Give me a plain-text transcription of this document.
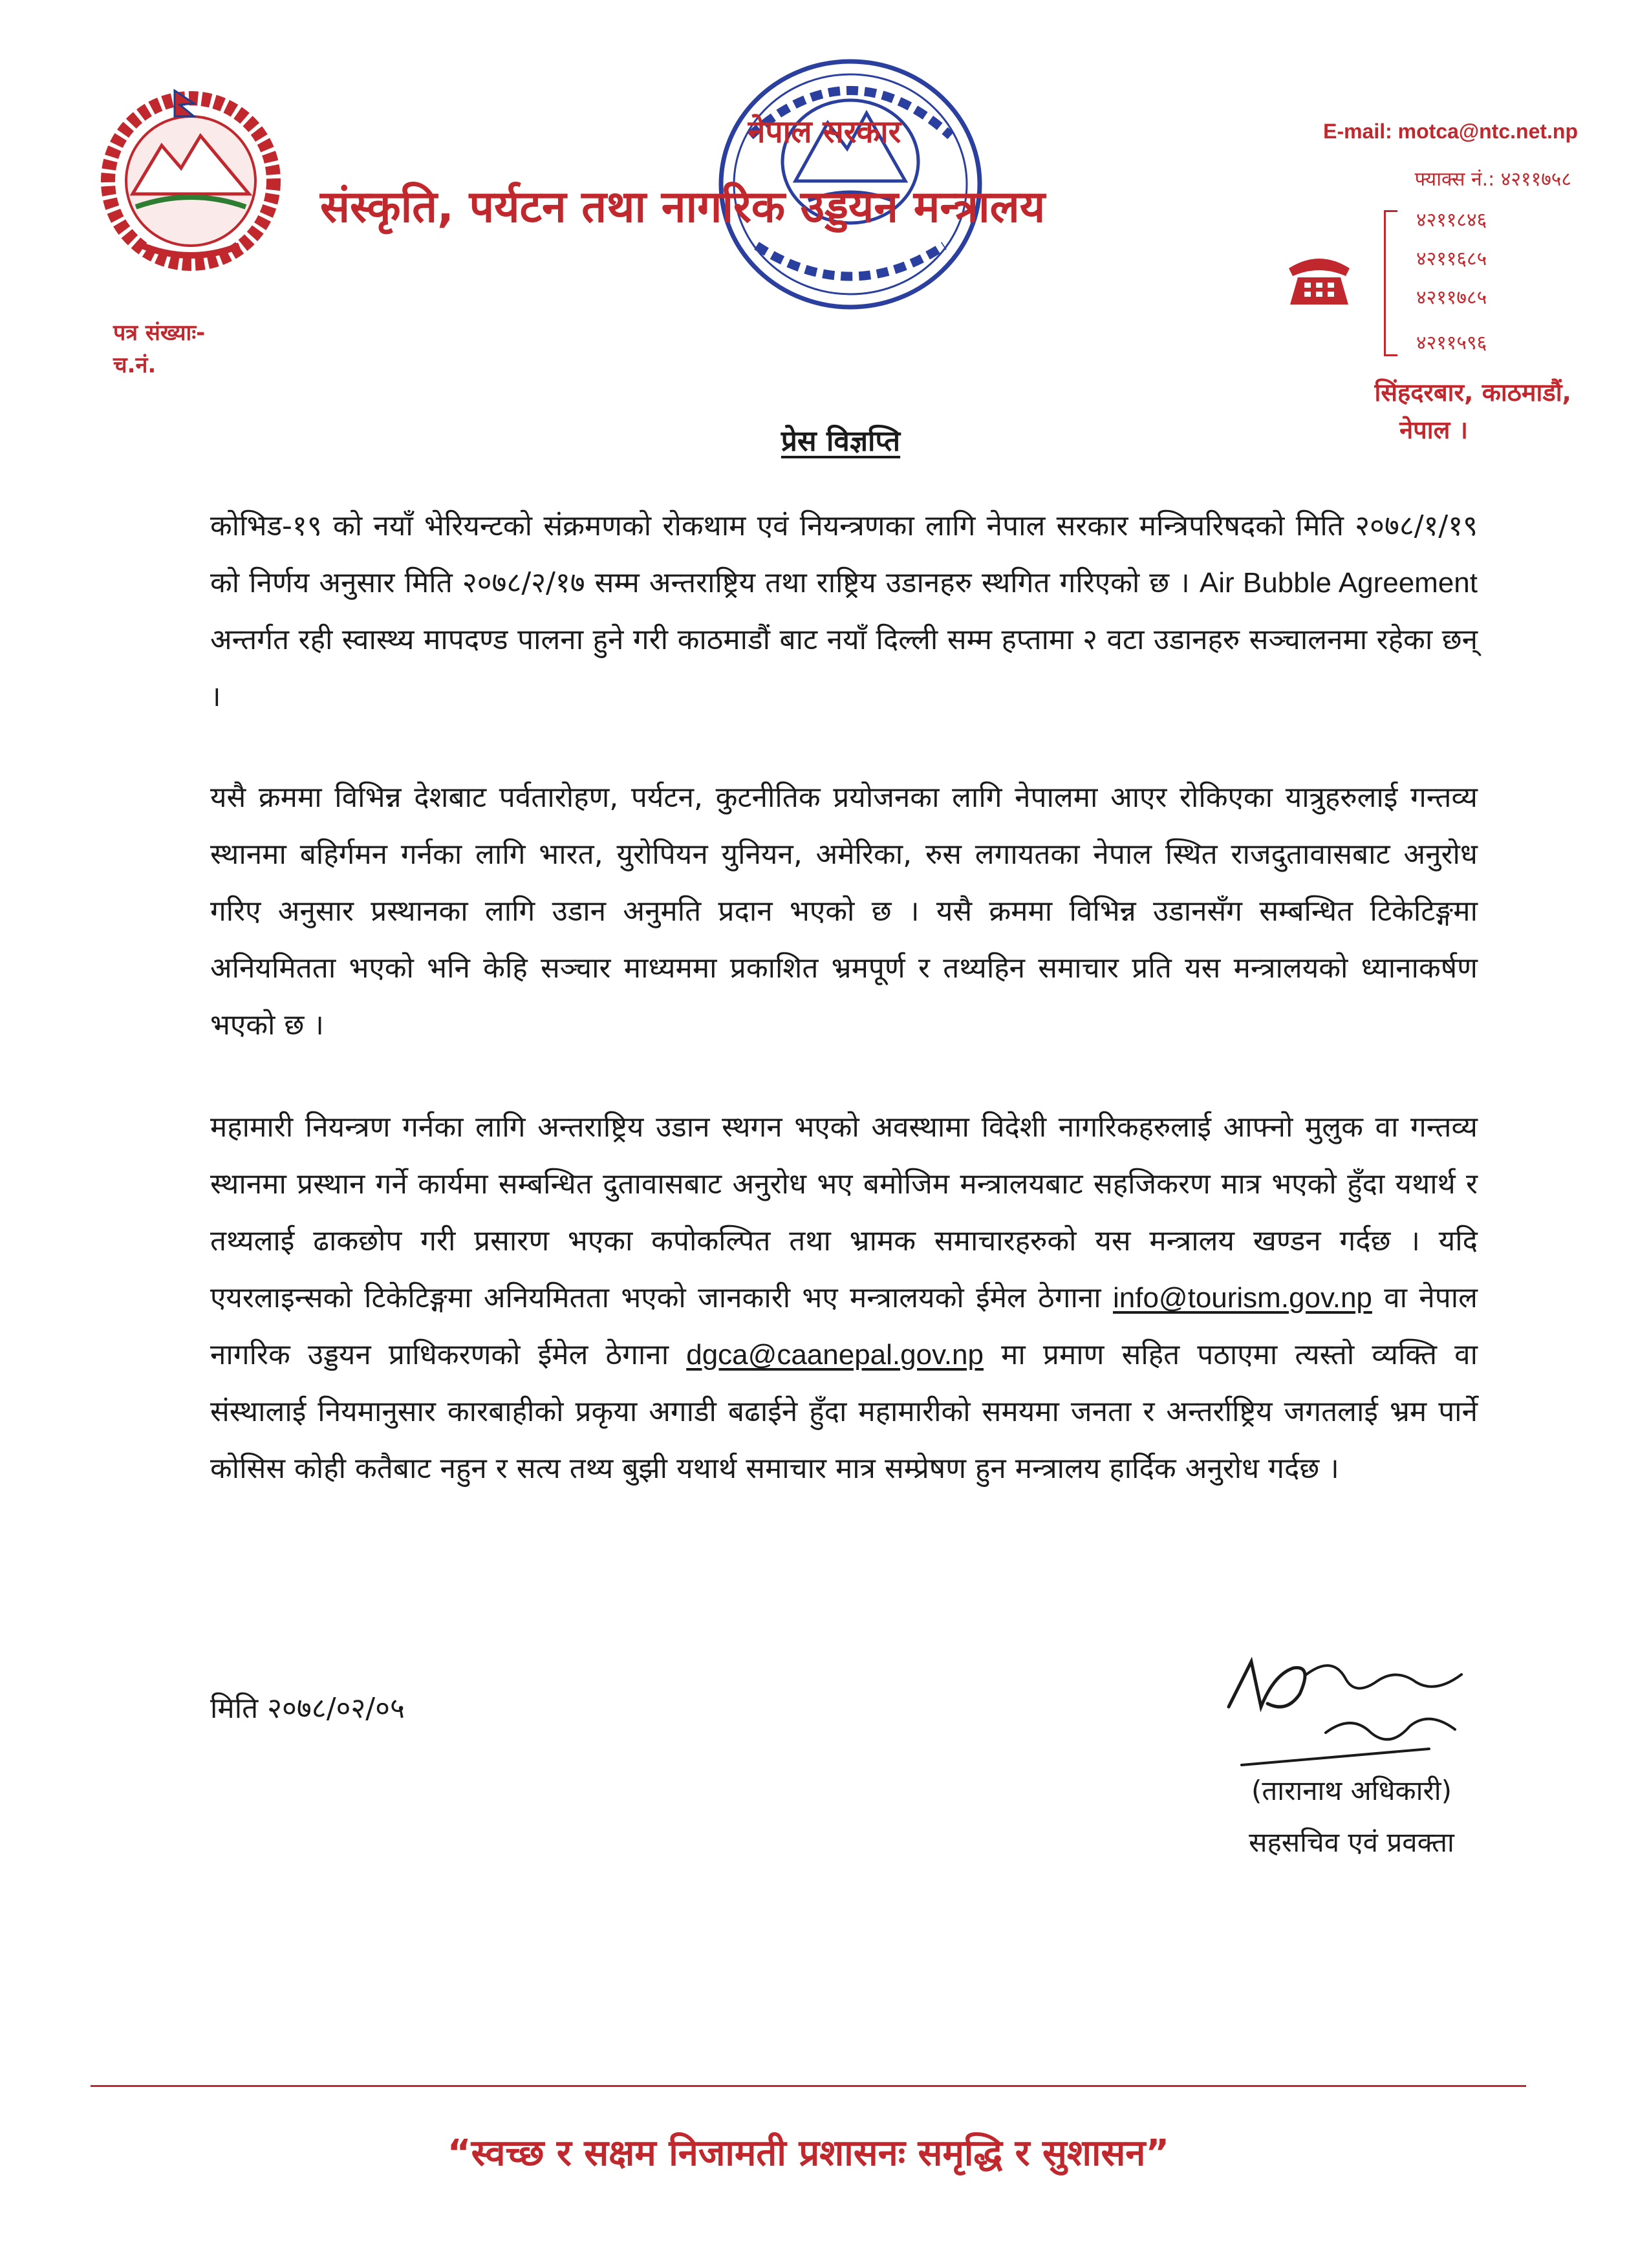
नेपाल सरकार
संस्कृति, पर्यटन तथा नागरिक उड्डयन मन्त्रालय
पत्र संख्याः-
च.नं.
E-mail: motca@ntc.net.np
फ्याक्स नं.: ४२११७५८
४२११८४६
४२११६८५
४२११७८५
४२११५९६
सिंहदरबार, काठमाडौं,
नेपाल ।
प्रेस विज्ञप्ति
कोभिड-१९ को नयाँ भेरियन्टको संक्रमणको रोकथाम एवं नियन्त्रणका लागि नेपाल सरकार मन्त्रिपरिषदको मिति २०७८/१/१९ को निर्णय अनुसार मिति २०७८/२/१७ सम्म अन्तराष्ट्रिय तथा राष्ट्रिय उडानहरु स्थगित गरिएको छ । Air Bubble Agreement अन्तर्गत रही स्वास्थ्य मापदण्ड पालना हुने गरी काठमाडौं बाट नयाँ दिल्ली सम्म हप्तामा २ वटा उडानहरु सञ्चालनमा रहेका छन् ।
यसै क्रममा विभिन्न देशबाट पर्वतारोहण, पर्यटन, कुटनीतिक प्रयोजनका लागि नेपालमा आएर रोकिएका यात्रुहरुलाई गन्तव्य स्थानमा बहिर्गमन गर्नका लागि भारत, युरोपियन युनियन, अमेरिका, रुस लगायतका नेपाल स्थित राजदुतावासबाट अनुरोध गरिए अनुसार प्रस्थानका लागि उडान अनुमति प्रदान भएको छ । यसै क्रममा विभिन्न उडानसँग सम्बन्धित टिकेटिङ्गमा अनियमितता भएको भनि केहि सञ्चार माध्यममा प्रकाशित भ्रमपूर्ण र तथ्यहिन समाचार प्रति यस मन्त्रालयको ध्यानाकर्षण भएको छ ।
महामारी नियन्त्रण गर्नका लागि अन्तराष्ट्रिय उडान स्थगन भएको अवस्थामा विदेशी नागरिकहरुलाई आफ्नो मुलुक वा गन्तव्य स्थानमा प्रस्थान गर्ने कार्यमा सम्बन्धित दुतावासबाट अनुरोध भए बमोजिम मन्त्रालयबाट सहजिकरण मात्र भएको हुँदा यथार्थ र तथ्यलाई ढाकछोप गरी प्रसारण भएका कपोकल्पित तथा भ्रामक समाचारहरुको यस मन्त्रालय खण्डन गर्दछ । यदि एयरलाइन्सको टिकेटिङ्गमा अनियमितता भएको जानकारी भए मन्त्रालयको ईमेल ठेगाना info@tourism.gov.np वा नेपाल नागरिक उड्डयन प्राधिकरणको ईमेल ठेगाना dgca@caanepal.gov.np मा प्रमाण सहित पठाएमा त्यस्तो व्यक्ति वा संस्थालाई नियमानुसार कारबाहीको प्रकृया अगाडी बढाईने हुँदा महामारीको समयमा जनता र अन्तर्राष्ट्रिय जगतलाई भ्रम पार्ने कोसिस कोही कतैबाट नहुन र सत्य तथ्य बुझी यथार्थ समाचार मात्र सम्प्रेषण हुन मन्त्रालय हार्दिक अनुरोध गर्दछ ।
मिति २०७८/०२/०५
(तारानाथ अधिकारी)
सहसचिव एवं प्रवक्ता
“स्वच्छ र सक्षम निजामती प्रशासनः समृद्धि र सुशासन”
